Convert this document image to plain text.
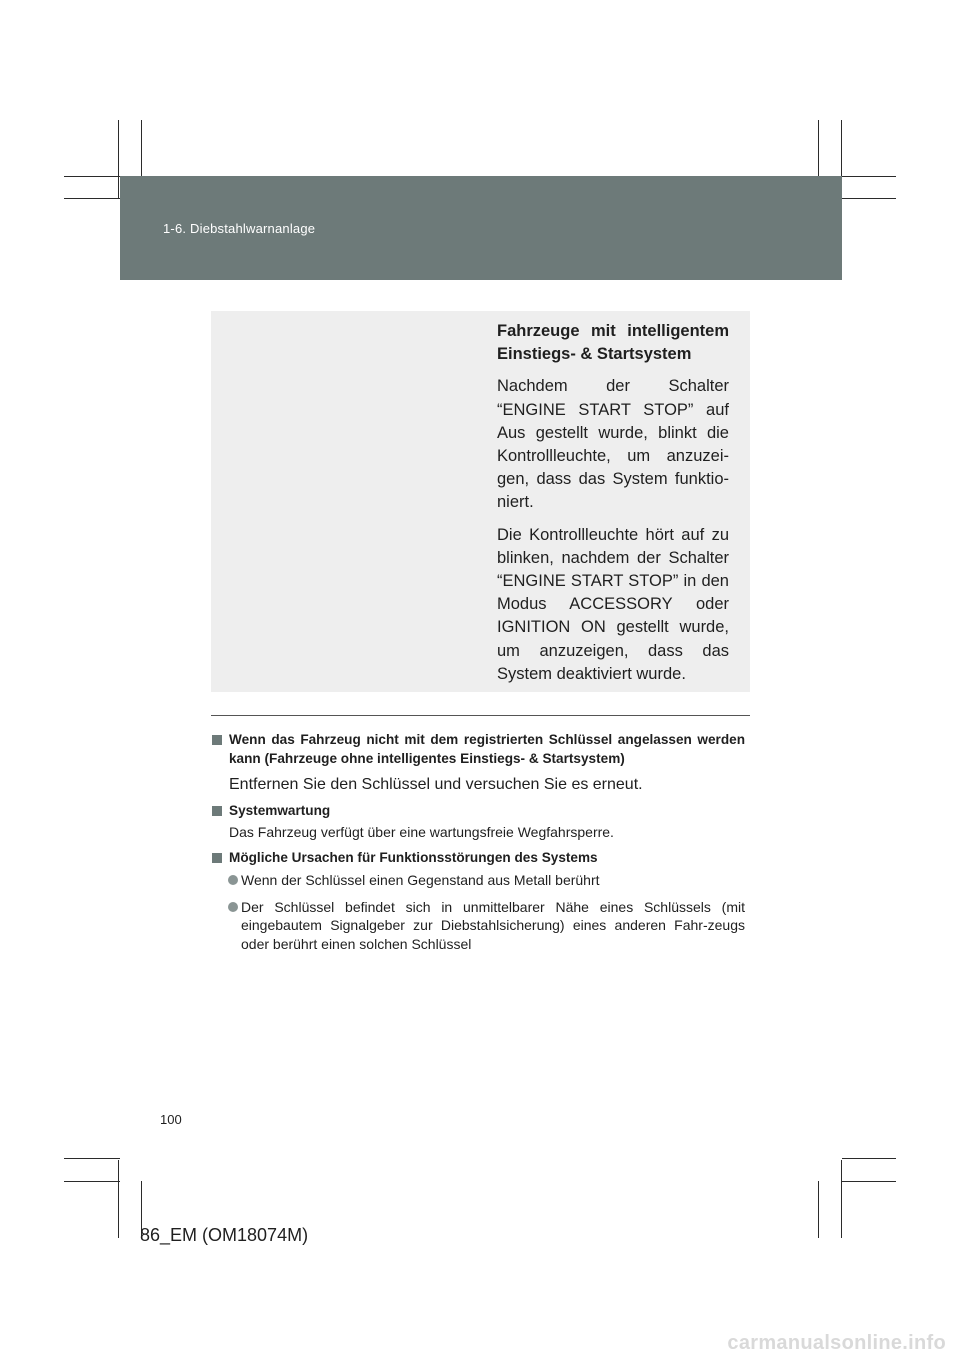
1-6. Diebstahlwarnanlage

Fahrzeuge mit intelligentem Einstiegs- & Startsystem

Nachdem der Schalter “ENGINE START STOP” auf Aus gestellt wurde, blinkt die Kontrollleuchte, um anzuzei-gen, dass das System funktio-niert.

Die Kontrollleuchte hört auf zu blinken, nachdem der Schalter “ENGINE START STOP” in den Modus ACCESSORY oder IGNITION ON gestellt wurde, um anzuzeigen, dass das System deaktiviert wurde.

Wenn das Fahrzeug nicht mit dem registrierten Schlüssel angelassen werden kann (Fahrzeuge ohne intelligentes Einstiegs- & Startsystem)

Entfernen Sie den Schlüssel und versuchen Sie es erneut.

Systemwartung

Das Fahrzeug verfügt über eine wartungsfreie Wegfahrsperre.

Mögliche Ursachen für Funktionsstörungen des Systems

Wenn der Schlüssel einen Gegenstand aus Metall berührt

Der Schlüssel befindet sich in unmittelbarer Nähe eines Schlüssels (mit eingebautem Signalgeber zur Diebstahlsicherung) eines anderen Fahr-zeugs oder berührt einen solchen Schlüssel

100
86_EM (OM18074M)
carmanualsonline.info
